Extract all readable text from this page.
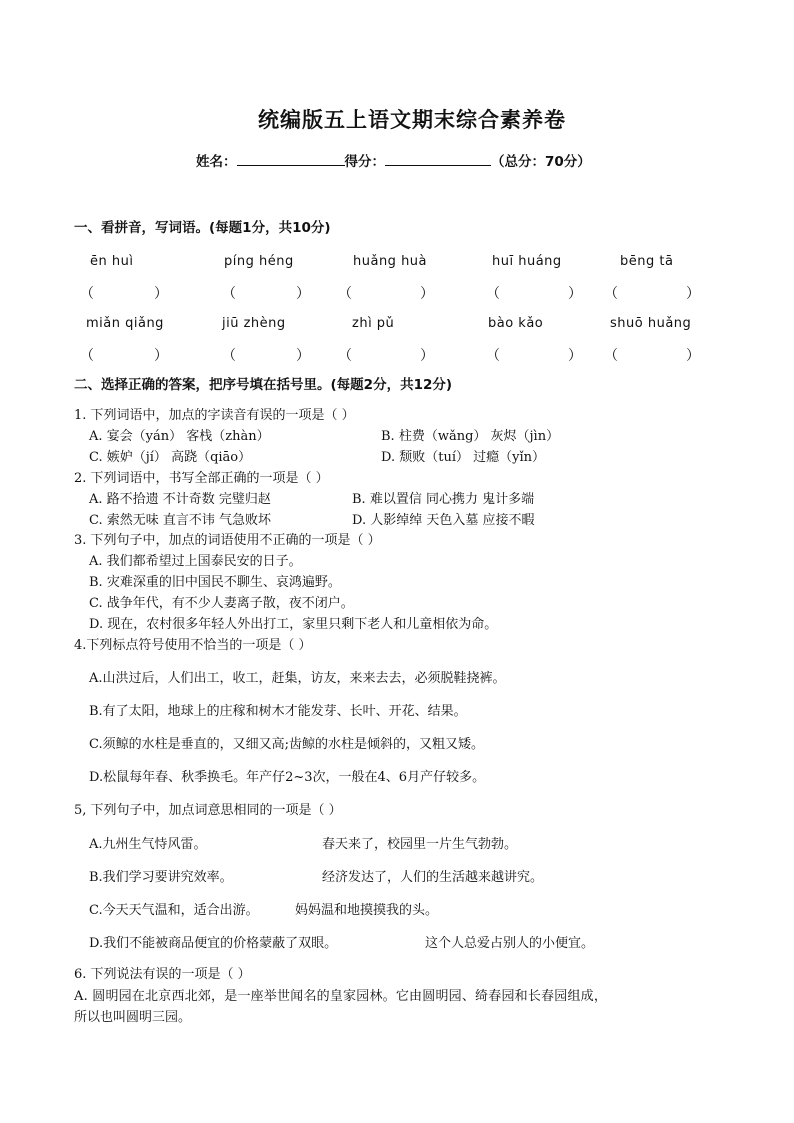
统编版五上语文期末综合素养卷
姓名：	得分：	（总分：70分）
一、看拼音，写词语。(每题1分，共10分)
ēn huì	píng héng	huǎng huà	huī huáng	bēng tā
（	）	（	） （	）	（	） （	）
miǎn qiǎng	jiū zhèng	zhì pǔ	bào kǎo	shuō huǎng
（	）	（	） （	）	（	） （	）
二、选择正确的答案，把序号填在括号里。(每题2分，共12分)
1. 下列词语中，加点的字读音有误的一项是（ ）
A. 宴会（yán） 客栈（zhàn）	B. 柱费（wǎng） 灰烬（jìn）
C. 嫉妒（jí） 高跷（qiāo）	D. 颓败（tuí） 过瘾（yǐn）
2. 下列词语中，书写全部正确的一项是（ ）
A. 路不拾遗 不计奇数 完璧归赵	B. 难以置信 同心携力 鬼计多端
C. 索然无味 直言不讳 气急败坏	D. 人影绰绰 天色入墓 应接不暇
3. 下列句子中，加点的词语使用不正确的一项是（ ）
A. 我们都希望过上国泰民安的日子。
B. 灾难深重的旧中国民不聊生、哀鸿遍野。
C. 战争年代，有不少人妻离子散，夜不闭户。
D. 现在，农村很多年轻人外出打工，家里只剩下老人和儿童相依为命。
4.下列标点符号使用不恰当的一项是（ ）
A.山洪过后，人们出工，收工，赶集，访友，来来去去，必须脱鞋挠裤。
B.有了太阳，地球上的庄稼和树木才能发芽、长叶、开花、结果。
C.须鲸的水柱是垂直的，又细又高;齿鲸的水柱是倾斜的，又粗又矮。
D.松鼠每年春、秋季换毛。年产仔2~3次，一般在4、6月产仔较多。
5, 下列句子中，加点词意思相同的一项是（ ）
A.九州生气恃风雷。	春天来了，校园里一片生气勃勃。
B.我们学习要讲究效率。	经济发达了，人们的生活越来越讲究。
C.今天天气温和，适合出游。	妈妈温和地摸摸我的头。
D.我们不能被商品便宜的价格蒙蔽了双眼。	这个人总爱占别人的小便宜。
6. 下列说法有误的一项是（ ）
A. 圆明园在北京西北郊，是一座举世闻名的皇家园林。它由圆明园、绮春园和长春园组成，
所以也叫圆明三园。
